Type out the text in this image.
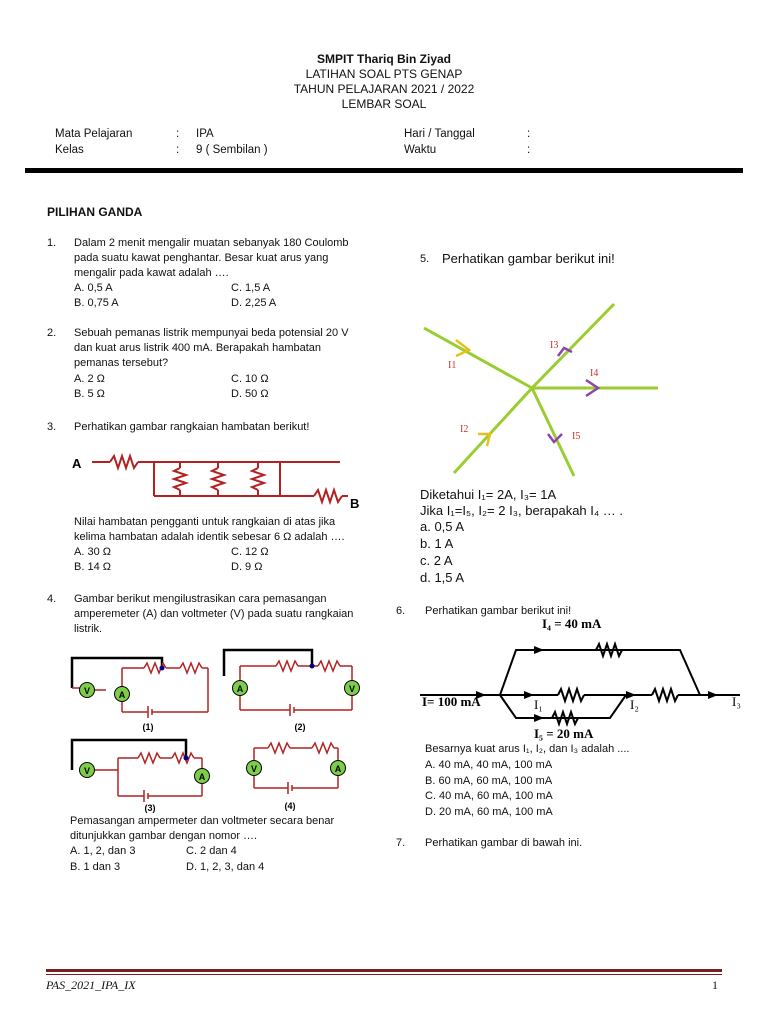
SMPIT Thariq Bin Ziyad
LATIHAN SOAL PTS GENAP
TAHUN PELAJARAN 2021 / 2022
LEMBAR SOAL
Mata Pelajaran	: IPA
Kelas	: 9 ( Sembilan )
Hari / Tanggal	:
Waktu	:
PILIHAN GANDA
1. Dalam 2 menit mengalir muatan sebanyak 180 Coulomb
pada suatu kawat penghantar. Besar kuat arus yang
mengalir pada kawat adalah ….
A. 0,5 A	C. 1,5 A
B. 0,75 A	D. 2,25 A
2. Sebuah pemanas listrik mempunyai beda potensial 20 V
dan kuat arus listrik 400 mA. Berapakah hambatan
pemanas tersebut?
A. 2 Ω	C. 10 Ω
B. 5 Ω	D. 50 Ω
3. Perhatikan gambar rangkaian hambatan berikut!
A
B
Nilai hambatan pengganti untuk rangkaian di atas jika
kelima hambatan adalah identik sebesar 6 Ω adalah ….
A. 30 Ω	C. 12 Ω
B. 14 Ω	D. 9 Ω
4. Gambar berikut mengilustrasikan cara pemasangan
amperemeter (A) dan voltmeter (V) pada suatu rangkaian
listrik.
V	A
(1)
A	V
(2)
V
A
(3)
V	A
(4)
Pemasangan ampermeter dan voltmeter secara benar
ditunjukkan gambar dengan nomor ….
A. 1, 2, dan 3	C. 2 dan 4
B. 1 dan 3	D. 1, 2, 3, dan 4
5. Perhatikan gambar berikut ini!
I1
I3
I4
I2
I5
Diketahui I₁= 2A, I₃= 1A
Jika I₁=I₅, I₂= 2 I₃, berapakah I₄ … .
a. 0,5 A
b. 1 A
c. 2 A
d. 1,5 A
6. Perhatikan gambar berikut ini!
I₄ = 40 mA
I= 100 mA	I₁	I₂	I₃
I₅ = 20 mA
Besarnya kuat arus I₁, I₂, dan I₃ adalah ....
A. 40 mA, 40 mA, 100 mA
B. 60 mA, 60 mA, 100 mA
C. 40 mA, 60 mA, 100 mA
D. 20 mA, 60 mA, 100 mA
7. Perhatikan gambar di bawah ini.
PAS_2021_IPA_IX	1
